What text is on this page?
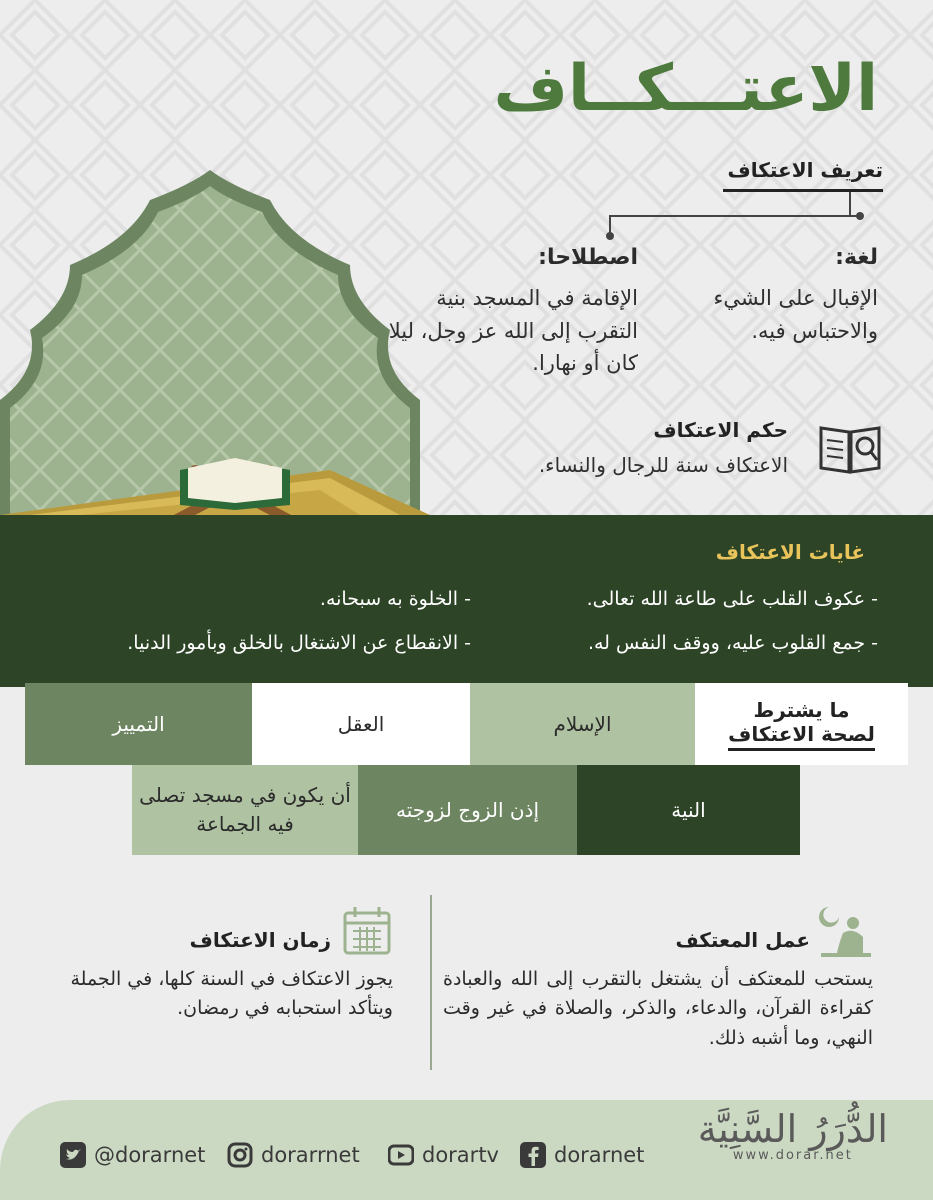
الاعتـــكــاف
تعريف الاعتكاف
لغة:
الإقبال على الشيء والاحتباس فيه.
اصطلاحا:
الإقامة في المسجد بنية التقرب إلى الله عز وجل، ليلا كان أو نهارا.
حكم الاعتكاف
الاعتكاف سنة للرجال والنساء.
غايات الاعتكاف
- عكوف القلب على طاعة الله تعالى.
- جمع القلوب عليه، ووقف النفس له.
- الخلوة به سبحانه.
- الانقطاع عن الاشتغال بالخلق وبأمور الدنيا.
ما يشترط
لصحة الاعتكاف
الإسلام
العقل
التمييز
النية
إذن الزوج لزوجته
أن يكون في مسجد تصلى فيه الجماعة
عمل المعتكف
يستحب للمعتكف أن يشتغل بالتقرب إلى الله والعبادة كقراءة القرآن، والدعاء، والذكر، والصلاة في غير وقت النهي، وما أشبه ذلك.
زمان الاعتكاف
يجوز الاعتكاف في السنة كلها، في الجملة ويتأكد استحبابه في رمضان.
@dorarnet	dorarrnet	dorartv	dorarnet
الدُّرَرُ السَّنِيَّة
www.dorar.net
